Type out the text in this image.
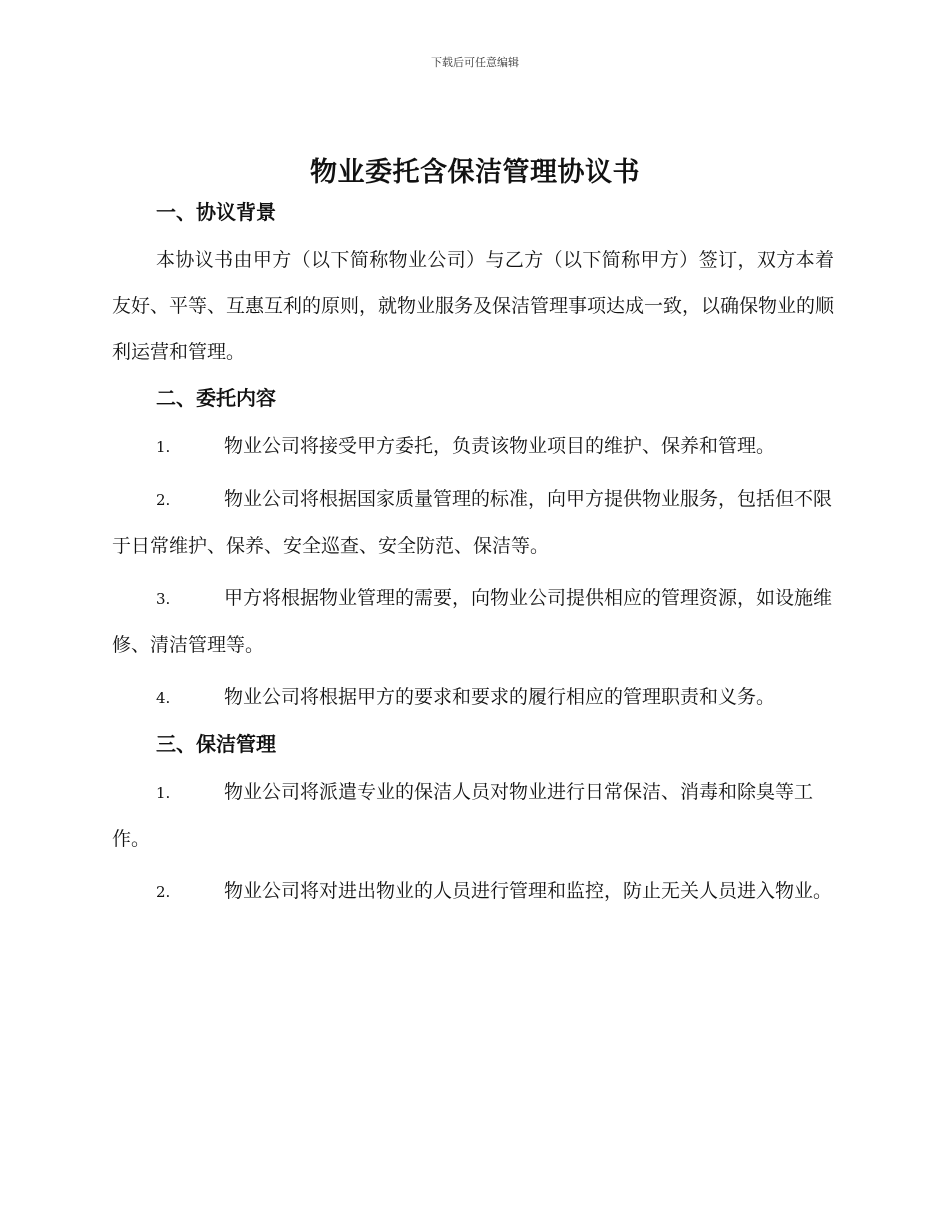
下载后可任意编辑
物业委托含保洁管理协议书
一、协议背景

本协议书由甲方（以下简称物业公司）与乙方（以下简称甲方）签订，双方本着友好、平等、互惠互利的原则，就物业服务及保洁管理事项达成一致，以确保物业的顺利运营和管理。

二、委托内容

1.	物业公司将接受甲方委托，负责该物业项目的维护、保养和管理。

2.	物业公司将根据国家质量管理的标准，向甲方提供物业服务，包括但不限于日常维护、保养、安全巡查、安全防范、保洁等。

3.	甲方将根据物业管理的需要，向物业公司提供相应的管理资源，如设施维修、清洁管理等。

4.	物业公司将根据甲方的要求和要求的履行相应的管理职责和义务。

三、保洁管理

1.	物业公司将派遣专业的保洁人员对物业进行日常保洁、消毒和除臭等工作。

2.	物业公司将对进出物业的人员进行管理和监控，防止无关人员进入物业。
